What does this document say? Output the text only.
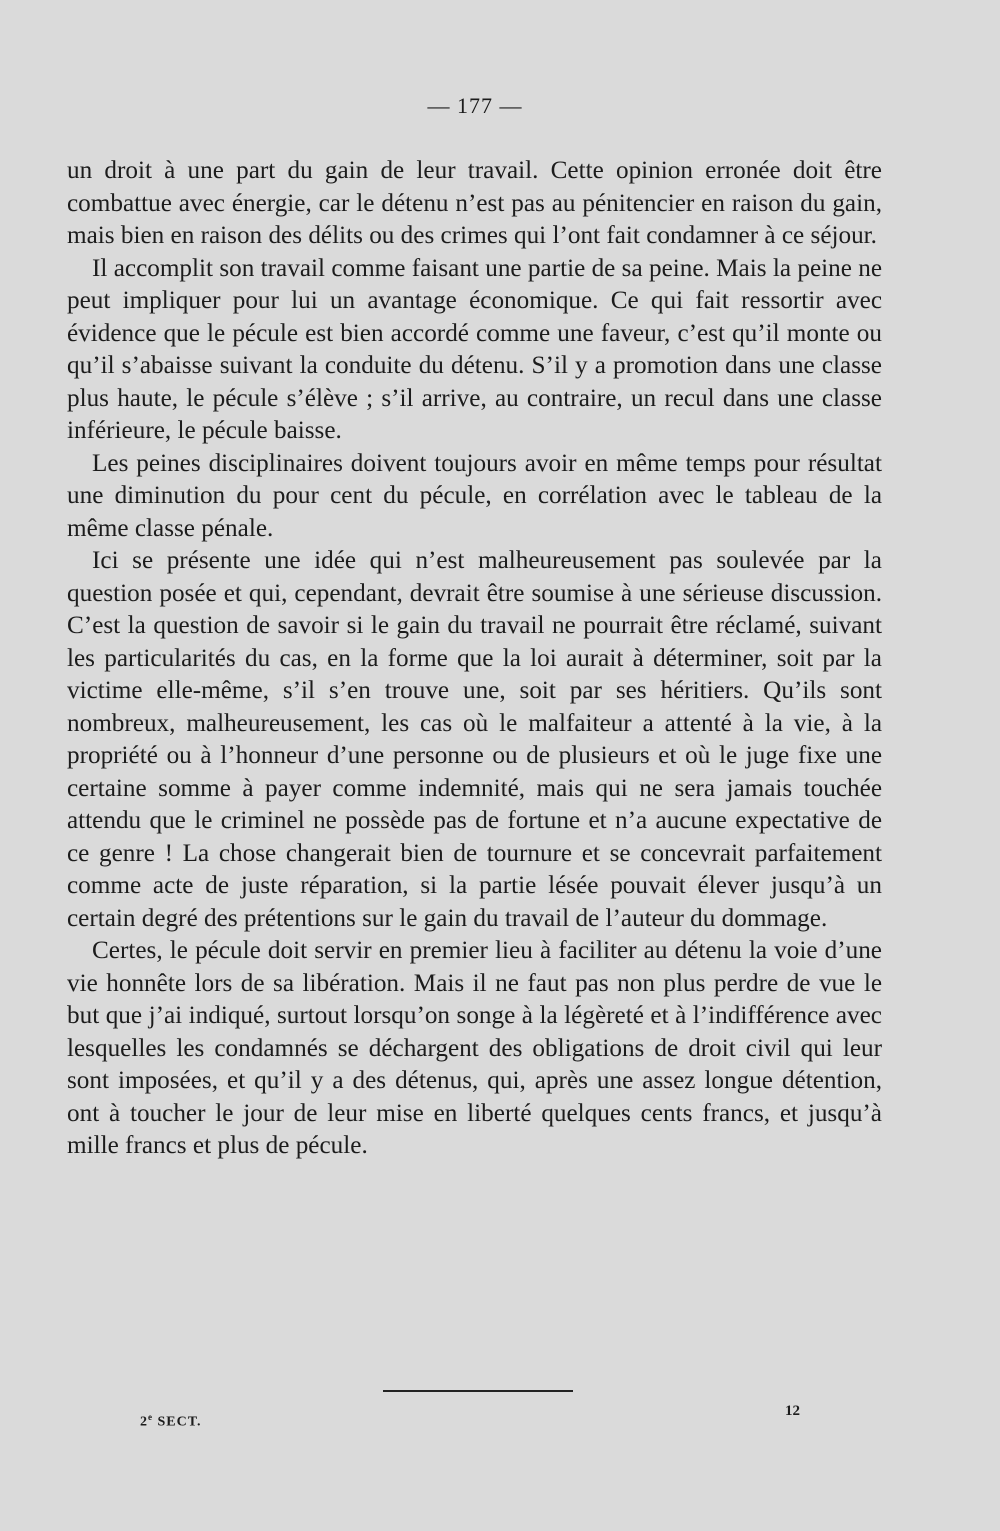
— 177 —

un droit à une part du gain de leur travail. Cette opinion erronée doit être combattue avec énergie, car le détenu n’est pas au pénitencier en raison du gain, mais bien en raison des délits ou des crimes qui l’ont fait condamner à ce séjour.

Il accomplit son travail comme faisant une partie de sa peine. Mais la peine ne peut impliquer pour lui un avantage économique. Ce qui fait ressortir avec évidence que le pécule est bien accordé comme une faveur, c’est qu’il monte ou qu’il s’abaisse suivant la conduite du détenu. S’il y a promotion dans une classe plus haute, le pécule s’élève ; s’il arrive, au contraire, un recul dans une classe inférieure, le pécule baisse.

Les peines disciplinaires doivent toujours avoir en même temps pour résultat une diminution du pour cent du pécule, en corrélation avec le tableau de la même classe pénale.

Ici se présente une idée qui n’est malheureusement pas soulevée par la question posée et qui, cependant, devrait être soumise à une sérieuse discussion. C’est la question de savoir si le gain du travail ne pourrait être réclamé, suivant les particularités du cas, en la forme que la loi aurait à déterminer, soit par la victime elle-même, s’il s’en trouve une, soit par ses héritiers. Qu’ils sont nombreux, malheureusement, les cas où le malfaiteur a attenté à la vie, à la propriété ou à l’honneur d’une personne ou de plusieurs et où le juge fixe une certaine somme à payer comme indemnité, mais qui ne sera jamais touchée attendu que le criminel ne possède pas de fortune et n’a aucune expectative de ce genre ! La chose changerait bien de tournure et se concevrait parfaitement comme acte de juste réparation, si la partie lésée pouvait élever jusqu’à un certain degré des prétentions sur le gain du travail de l’auteur du dommage.

Certes, le pécule doit servir en premier lieu à faciliter au détenu la voie d’une vie honnête lors de sa libération. Mais il ne faut pas non plus perdre de vue le but que j’ai indiqué, surtout lorsqu’on songe à la légèreté et à l’indifférence avec lesquelles les condamnés se déchargent des obligations de droit civil qui leur sont imposées, et qu’il y a des détenus, qui, après une assez longue détention, ont à toucher le jour de leur mise en liberté quelques cents francs, et jusqu’à mille francs et plus de pécule.

2e SECT.
12
